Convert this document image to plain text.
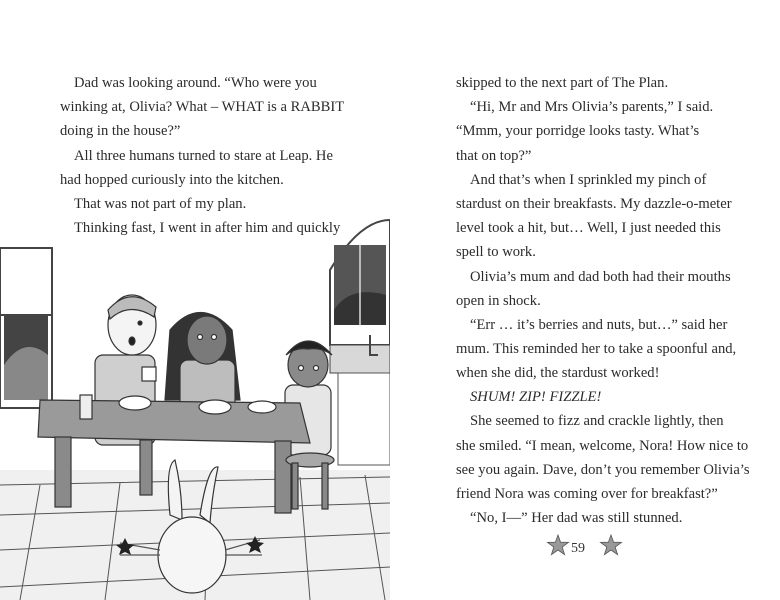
Dad was looking around. “Who were you

winking at, Olivia? What – WHAT is a RABBIT

doing in the house?”

All three humans turned to stare at Leap. He

had hopped curiously into the kitchen.

That was not part of my plan.

Thinking fast, I went in after him and quickly

skipped to the next part of The Plan.

“Hi, Mr and Mrs Olivia’s parents,” I said.

“Mmm, your porridge looks tasty. What’s

that on top?”

And that’s when I sprinkled my pinch of

stardust on their breakfasts. My dazzle-o-meter

level took a hit, but… Well, I just needed this

spell to work.

Olivia’s mum and dad both had their mouths

open in shock.

“Err … it’s berries and nuts, but…” said her

mum. This reminded her to take a spoonful and,

when she did, the stardust worked!

SHUM! ZIP! FIZZLE!

She seemed to fizz and crackle lightly, then

she smiled. “I mean, welcome, Nora! How nice to

see you again. Dave, don’t you remember Olivia’s

friend Nora was coming over for breakfast?”

“No, I—” Her dad was still stunned.

59
